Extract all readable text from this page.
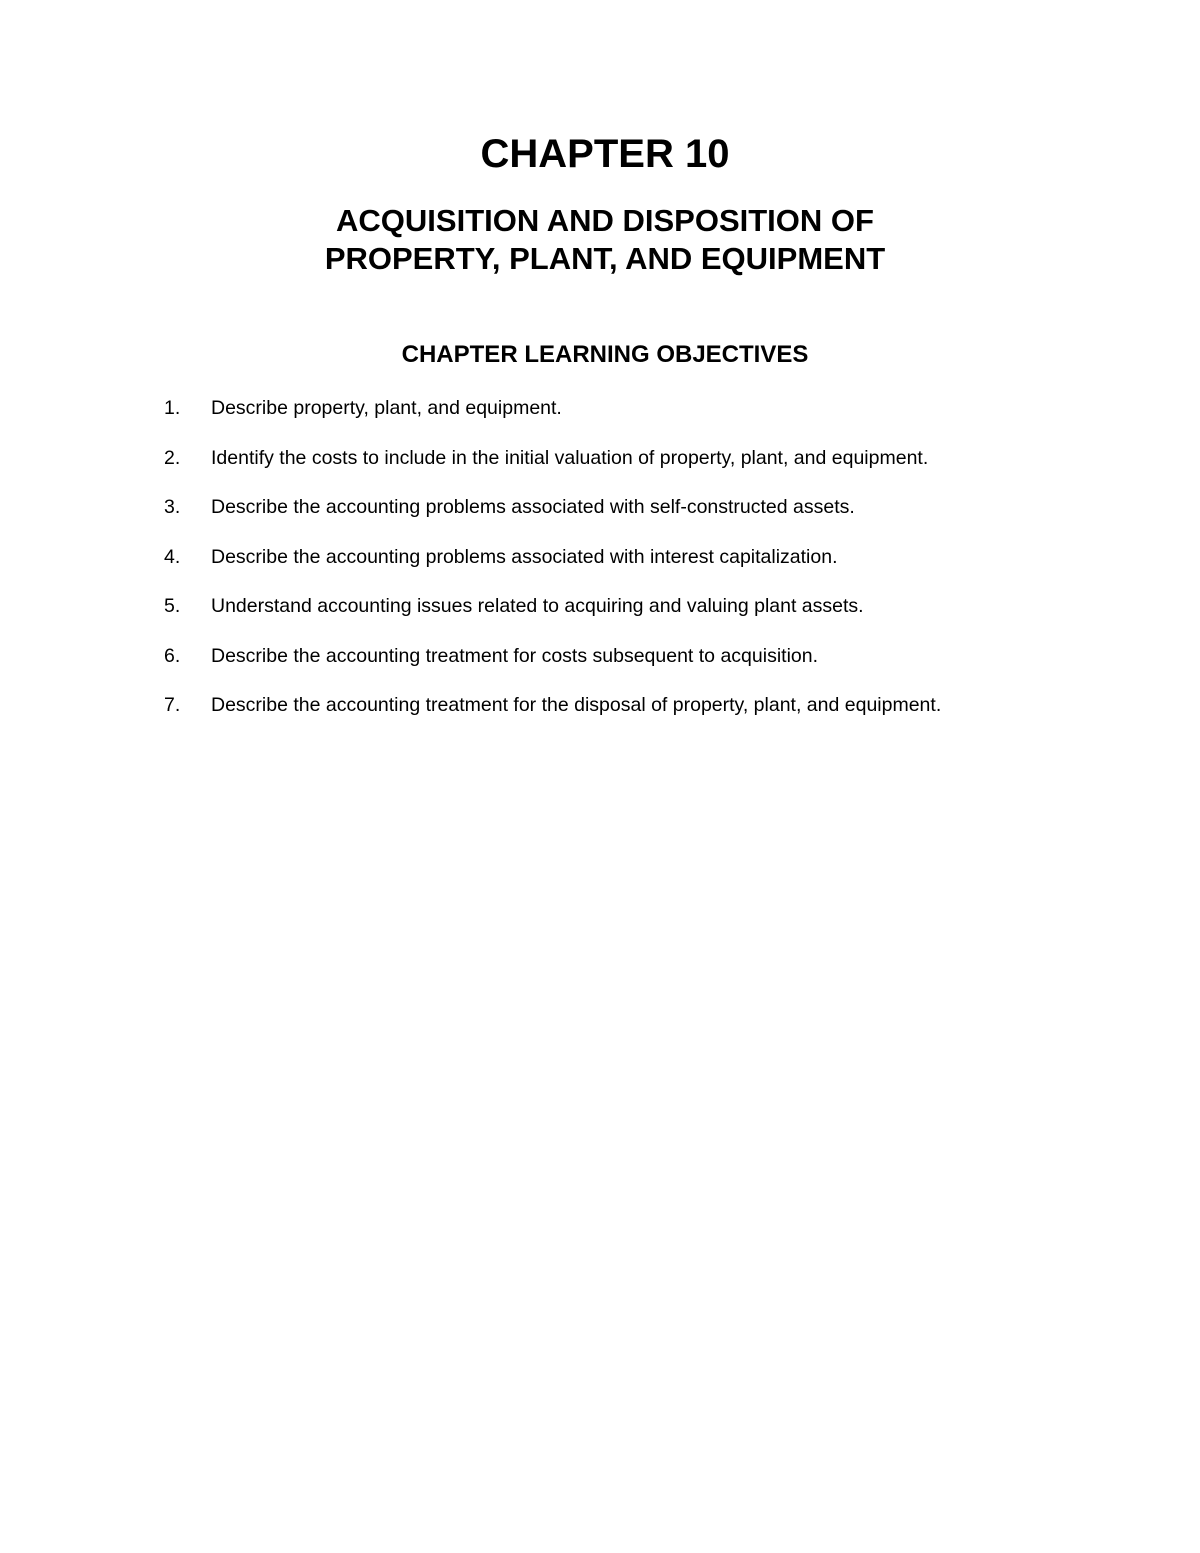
CHAPTER 10
ACQUISITION AND DISPOSITION OF
PROPERTY, PLANT, AND EQUIPMENT
CHAPTER LEARNING OBJECTIVES
1. Describe property, plant, and equipment.
2. Identify the costs to include in the initial valuation of property, plant, and equipment.
3. Describe the accounting problems associated with self-constructed assets.
4. Describe the accounting problems associated with interest capitalization.
5. Understand accounting issues related to acquiring and valuing plant assets.
6. Describe the accounting treatment for costs subsequent to acquisition.
7. Describe the accounting treatment for the disposal of property, plant, and equipment.
